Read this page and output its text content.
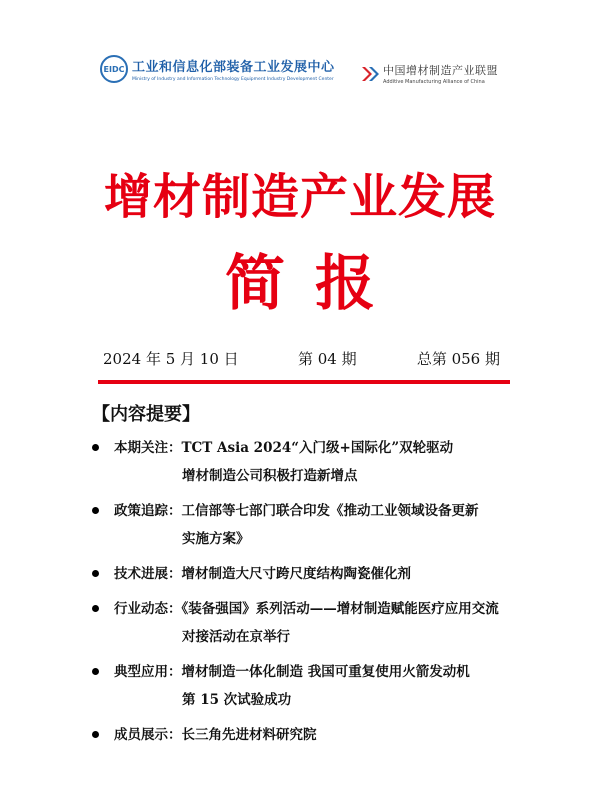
EIDC 工业和信息化部装备工业发展中心
Ministry of Industry and Information Technology Equipment Industry Development Center
中国增材制造产业联盟
Additive Manufacturing Alliance of China
增材制造产业发展
简报
2024 年 5 月 10 日	第 04 期	总第 056 期
【内容提要】
本期关注：TCT Asia 2024“入门级+国际化”双轮驱动
增材制造公司积极打造新增点
政策追踪：工信部等七部门联合印发《推动工业领域设备更新
实施方案》
技术进展：增材制造大尺寸跨尺度结构陶瓷催化剂
行业动态：《装备强国》系列活动——增材制造赋能医疗应用交流
对接活动在京举行
典型应用：增材制造一体化制造 我国可重复使用火箭发动机
第 15 次试验成功
成员展示：长三角先进材料研究院
